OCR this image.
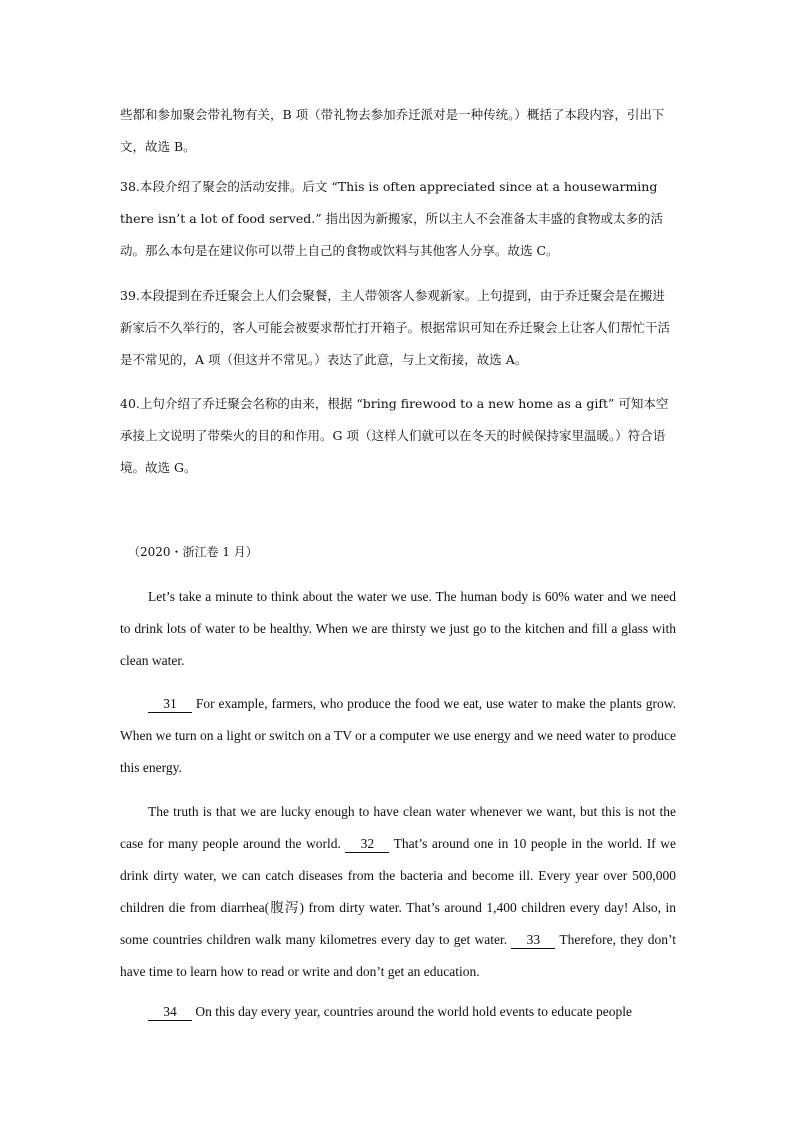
些都和参加聚会带礼物有关，B 项（带礼物去参加乔迁派对是一种传统。）概括了本段内容，引出下文，故选 B。

38.本段介绍了聚会的活动安排。后文 “This is often appreciated since at a housewarming there isn’t a lot of food served.” 指出因为新搬家，所以主人不会准备太丰盛的食物或太多的活动。那么本句是在建议你可以带上自己的食物或饮料与其他客人分享。故选 C。

39.本段提到在乔迁聚会上人们会聚餐，主人带领客人参观新家。上句提到，由于乔迁聚会是在搬进新家后不久举行的，客人可能会被要求帮忙打开箱子。根据常识可知在乔迁聚会上让客人们帮忙干活是不常见的，A 项（但这并不常见。）表达了此意，与上文衔接，故选 A。

40.上句介绍了乔迁聚会名称的由来，根据 “bring firewood to a new home as a gift” 可知本空承接上文说明了带柴火的目的和作用。G 项（这样人们就可以在冬天的时候保持家里温暖。）符合语境。故选 G。

（2020・浙江卷 1 月）

Let’s take a minute to think about the water we use. The human body is 60% water and we need to drink lots of water to be healthy. When we are thirsty we just go to the kitchen and fill a glass with clean water.

31 For example, farmers, who produce the food we eat, use water to make the plants grow. When we turn on a light or switch on a TV or a computer we use energy and we need water to produce this energy.

The truth is that we are lucky enough to have clean water whenever we want, but this is not the case for many people around the world. 32 That’s around one in 10 people in the world. If we drink dirty water, we can catch diseases from the bacteria and become ill. Every year over 500,000 children die from diarrhea(腹泻) from dirty water. That’s around 1,400 children every day! Also, in some countries children walk many kilometres every day to get water. 33 Therefore, they don’t have time to learn how to read or write and don’t get an education.

34 On this day every year, countries around the world hold events to educate people
